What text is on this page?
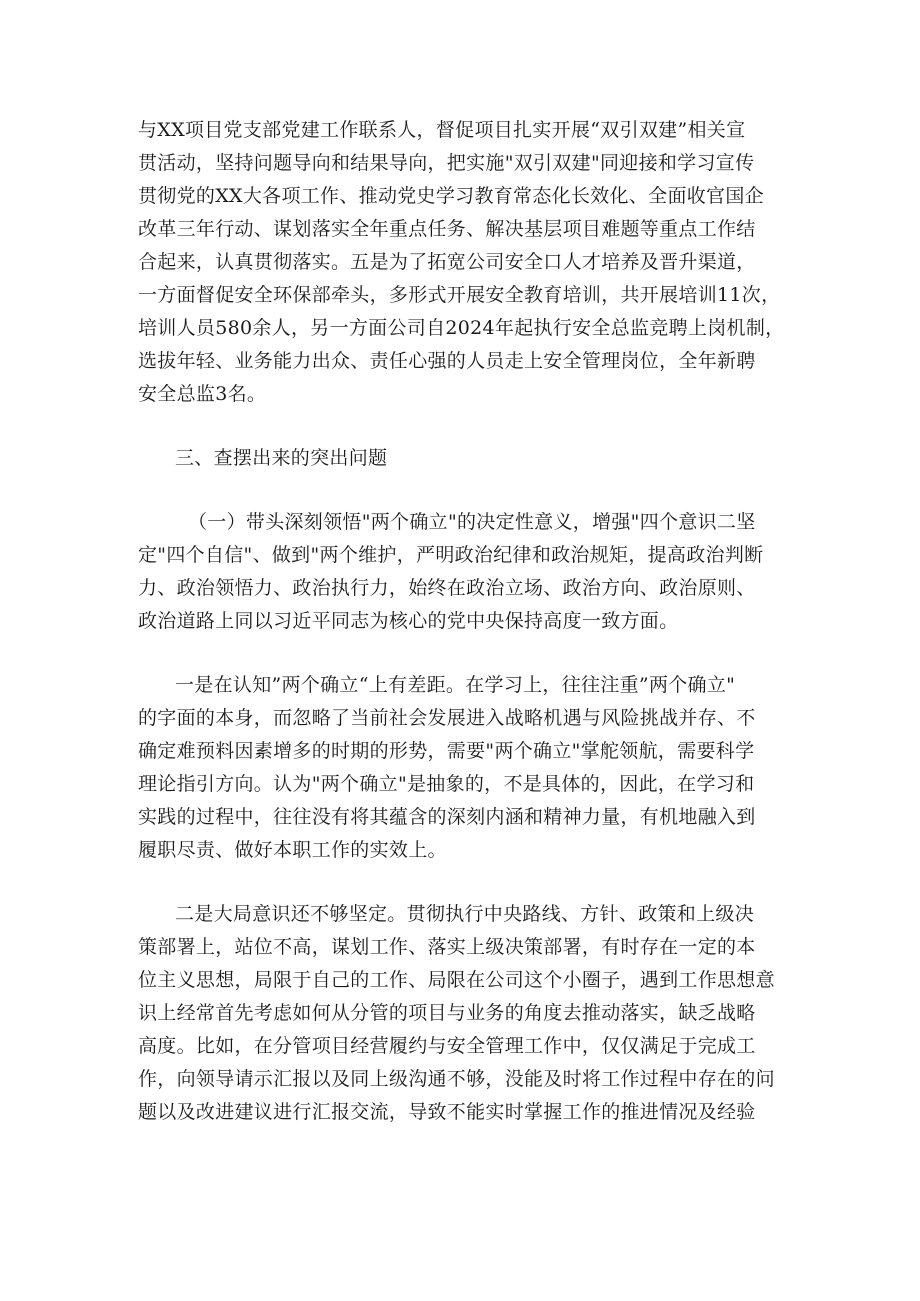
与XX项目党支部党建工作联系人，督促项目扎实开展“双引双建”相关宣
贯活动，坚持问题导向和结果导向，把实施"双引双建"同迎接和学习宣传
贯彻党的XX大各项工作、推动党史学习教育常态化长效化、全面收官国企
改革三年行动、谋划落实全年重点任务、解决基层项目难题等重点工作结
合起来，认真贯彻落实。五是为了拓宽公司安全口人才培养及晋升渠道，
一方面督促安全环保部牵头，多形式开展安全教育培训，共开展培训11次，
培训人员580余人，另一方面公司自2024年起执行安全总监竞聘上岗机制，
选拔年轻、业务能力出众、责任心强的人员走上安全管理岗位，全年新聘
安全总监3名。
三、查摆出来的突出问题
（一）带头深刻领悟"两个确立"的决定性意义，增强"四个意识二坚
定"四个自信"、做到"两个维护，严明政治纪律和政治规矩，提高政治判断
力、政治领悟力、政治执行力，始终在政治立场、政治方向、政治原则、
政治道路上同以习近平同志为核心的党中央保持高度一致方面。
一是在认知”两个确立“上有差距。在学习上，往往注重”两个确立"
的字面的本身，而忽略了当前社会发展进入战略机遇与风险挑战并存、不
确定难预料因素增多的时期的形势，需要"两个确立"掌舵领航，需要科学
理论指引方向。认为"两个确立"是抽象的，不是具体的，因此，在学习和
实践的过程中，往往没有将其蕴含的深刻内涵和精神力量，有机地融入到
履职尽责、做好本职工作的实效上。
二是大局意识还不够坚定。贯彻执行中央路线、方针、政策和上级决
策部署上，站位不高，谋划工作、落实上级决策部署，有时存在一定的本
位主义思想，局限于自己的工作、局限在公司这个小圈子，遇到工作思想意
识上经常首先考虑如何从分管的项目与业务的角度去推动落实，缺乏战略
高度。比如，在分管项目经营履约与安全管理工作中，仅仅满足于完成工
作，向领导请示汇报以及同上级沟通不够，没能及时将工作过程中存在的问
题以及改进建议进行汇报交流，导致不能实时掌握工作的推进情况及经验
